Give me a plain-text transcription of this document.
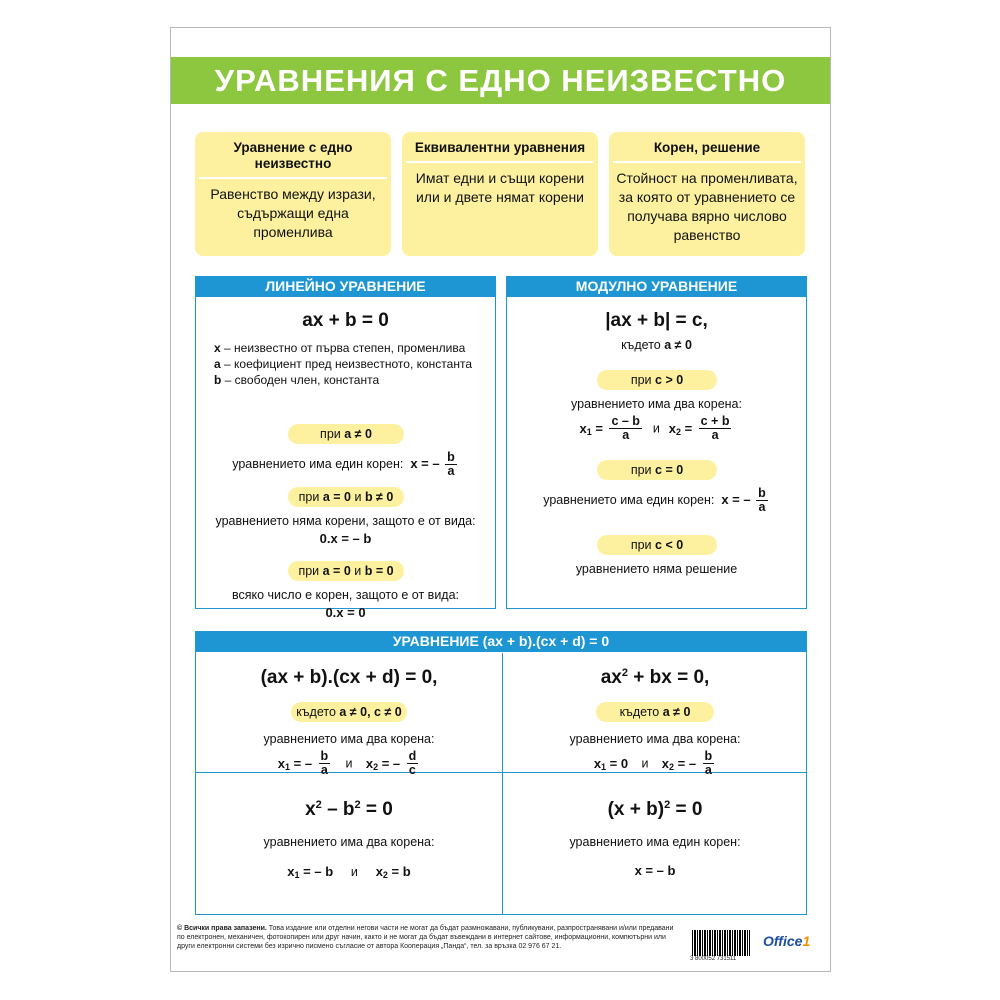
УРАВНЕНИЯ С ЕДНО НЕИЗВЕСТНО
Уравнение с едно неизвестно
Равенство между изрази, съдържащи една променлива
Еквивалентни уравнения
Имат едни и същи корени или и двете нямат корени
Корен, решение
Стойност на променливата, за която от уравнението се получава вярно числово равенство
ЛИНЕЙНО УРАВНЕНИЕ
ax + b = 0
x – неизвестно от първа степен, променлива
a – коефициент пред неизвестното, константа
b – свободен член, константа
при a ≠ 0
уравнението има един корен: x = – $\frac{b}{a}$
при a = 0 и b ≠ 0
уравнението няма корени, защото е от вида:
0.x = – b
при a = 0 и b = 0
всяко число е корен, защото е от вида:
0.x = 0
МОДУЛНО УРАВНЕНИЕ
|ax + b| = c,
където a ≠ 0
при c > 0
уравнението има два корена:
$x_1 = \frac{c - b}{a}$ и $x_2 = \frac{c + b}{a}$
при c = 0
уравнението има един корен: x = – $\frac{b}{a}$
при c < 0
уравнението няма решение
УРАВНЕНИЕ (ax + b).(cx + d) = 0
(ax + b).(cx + d) = 0,
където a ≠ 0, c ≠ 0
уравнението има два корена:
$x_1$ = – $\frac{b}{a}$ и $x_2$ = – $\frac{d}{c}$
$ax^2$ + bx = 0,
където a ≠ 0
уравнението има два корена:
$x_1 = 0$ и $x_2$ = – $\frac{b}{a}$
$x^2 - b^2 = 0$
уравнението има два корена:
$x_1$ = – b и $x_2 = b$
$(x + b)^2 = 0$
уравнението има един корен:
x = – b
© Всички права запазени. Това издание или отделни негови части не могат да бъдат размножавани, публикувани, разпространявани и/или предавани по електронен, механичен, фотокопирен или друг начин, както и не могат да бъдат въвеждани в интернет сайтове, информационни, компютърни или други електронни системи без изрично писмено съгласие от автора Кооперация „Панда“, тел. за връзка 02 976 67 21.
3 800052 731511
Office1
